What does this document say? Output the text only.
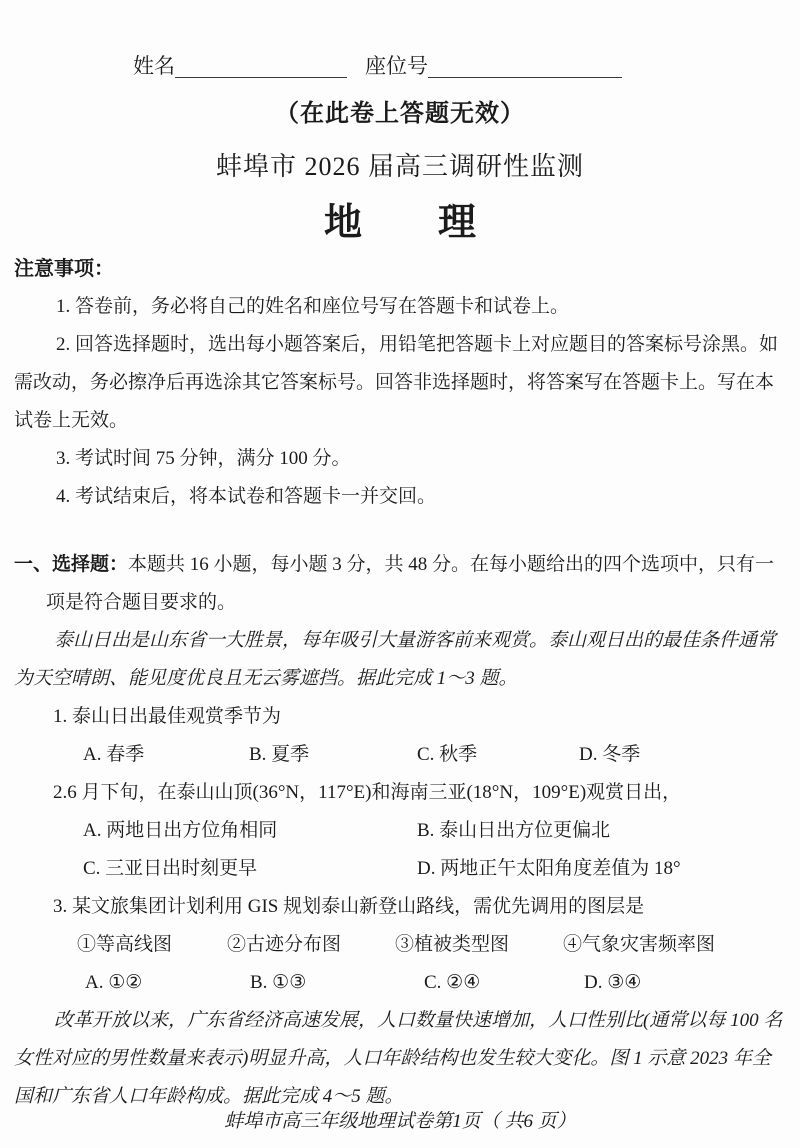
姓名	座位号
（在此卷上答题无效）
蚌埠市 2026 届高三调研性监测
地　　理
注意事项：

1. 答卷前，务必将自己的姓名和座位号写在答题卡和试卷上。

2. 回答选择题时，选出每小题答案后，用铅笔把答题卡上对应题目的答案标号涂黑。如需改动，务必擦净后再选涂其它答案标号。回答非选择题时，将答案写在答题卡上。写在本试卷上无效。

3. 考试时间 75 分钟，满分 100 分。

4. 考试结束后，将本试卷和答题卡一并交回。

一、选择题：本题共 16 小题，每小题 3 分，共 48 分。在每小题给出的四个选项中，只有一项是符合题目要求的。

泰山日出是山东省一大胜景，每年吸引大量游客前来观赏。泰山观日出的最佳条件通常为天空晴朗、能见度优良且无云雾遮挡。据此完成 1～3 题。

1. 泰山日出最佳观赏季节为

A. 春季	B. 夏季	C. 秋季	D. 冬季

2.6 月下旬，在泰山山顶(36°N，117°E)和海南三亚(18°N，109°E)观赏日出，

A. 两地日出方位角相同	B. 泰山日出方位更偏北
C. 三亚日出时刻更早	D. 两地正午太阳角度差值为 18°

3. 某文旅集团计划利用 GIS 规划泰山新登山路线，需优先调用的图层是

①等高线图	②古迹分布图	③植被类型图	④气象灾害频率图
A. ①②	B. ①③	C. ②④	D. ③④

改革开放以来，广东省经济高速发展，人口数量快速增加，人口性别比(通常以每 100 名女性对应的男性数量来表示)明显升高，人口年龄结构也发生较大变化。图 1 示意 2023 年全国和广东省人口年龄构成。据此完成 4～5 题。

蚌埠市高三年级地理试卷第1页（ 共6 页）
